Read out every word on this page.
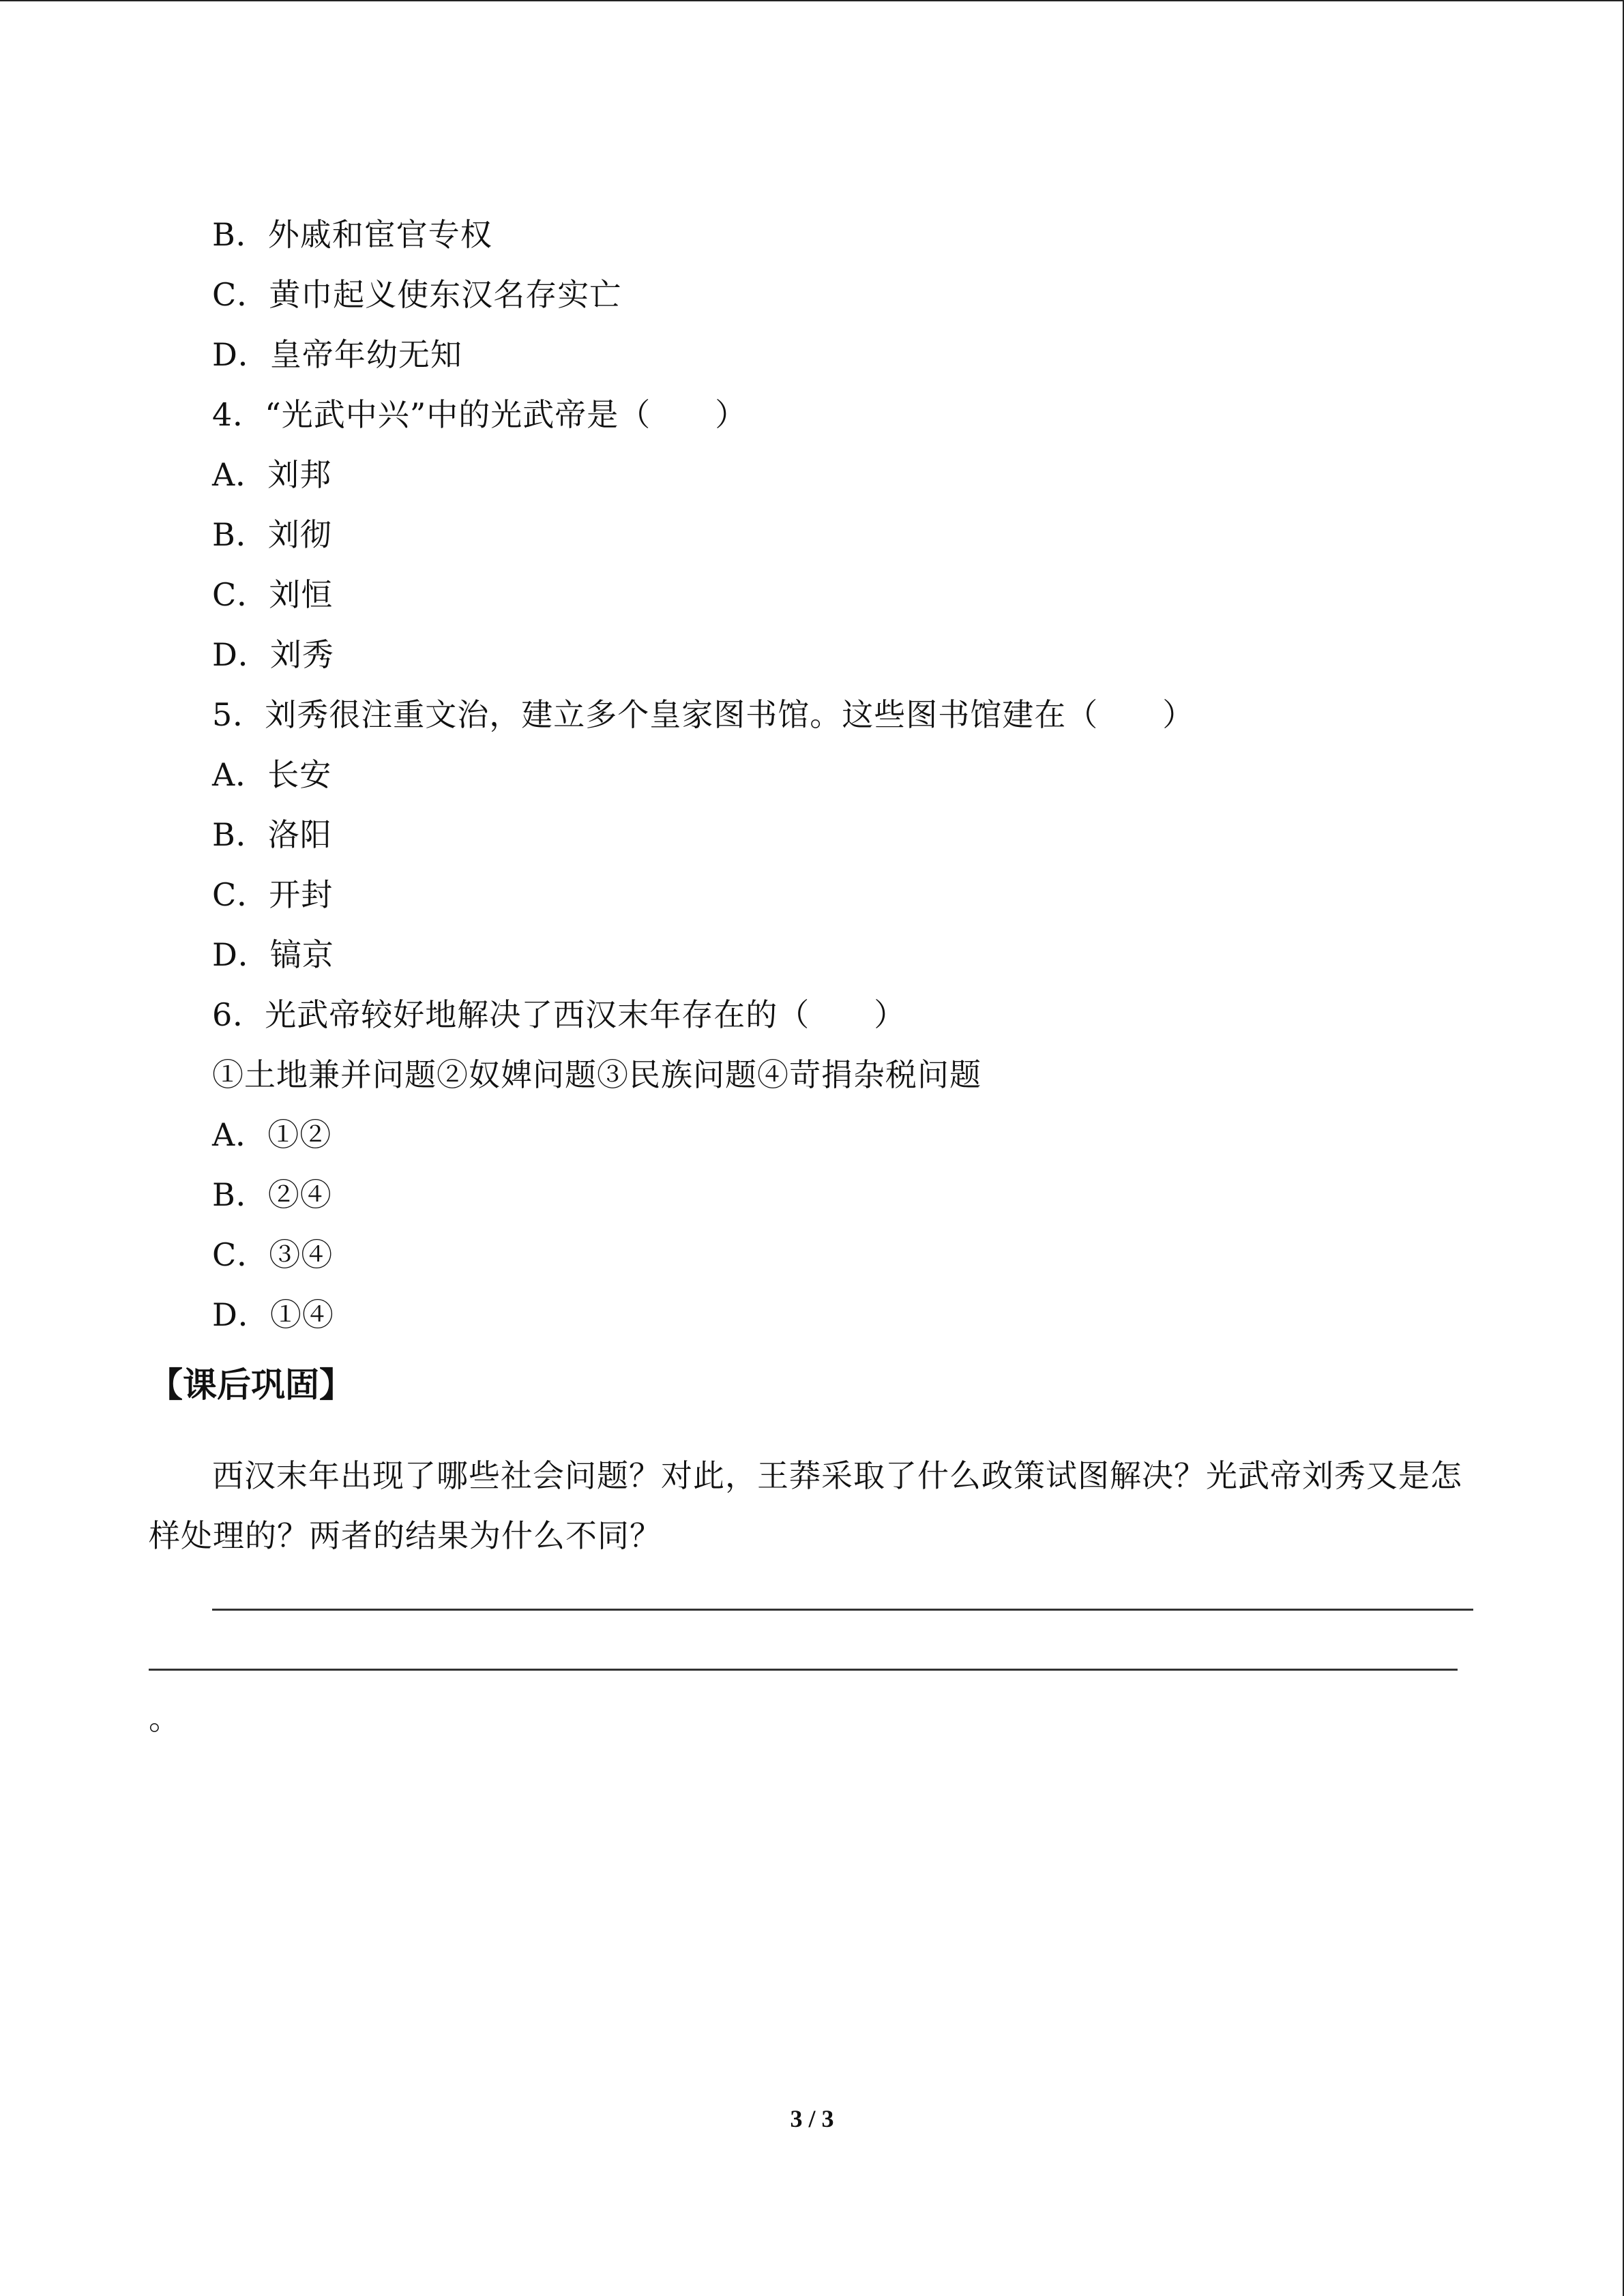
B．外戚和宦官专权
C．黄巾起义使东汉名存实亡
D．皇帝年幼无知
4．“光武中兴”中的光武帝是（　　）
A．刘邦
B．刘彻
C．刘恒
D．刘秀
5．刘秀很注重文治，建立多个皇家图书馆。这些图书馆建在（　　）
A．长安
B．洛阳
C．开封
D．镐京
6．光武帝较好地解决了西汉末年存在的（　　）
①土地兼并问题②奴婢问题③民族问题④苛捐杂税问题
A．①②
B．②④
C．③④
D．①④
【课后巩固】
西汉末年出现了哪些社会问题？对此，王莽采取了什么政策试图解决？光武帝刘秀又是怎样处理的？两者的结果为什么不同？
。
3 / 3
